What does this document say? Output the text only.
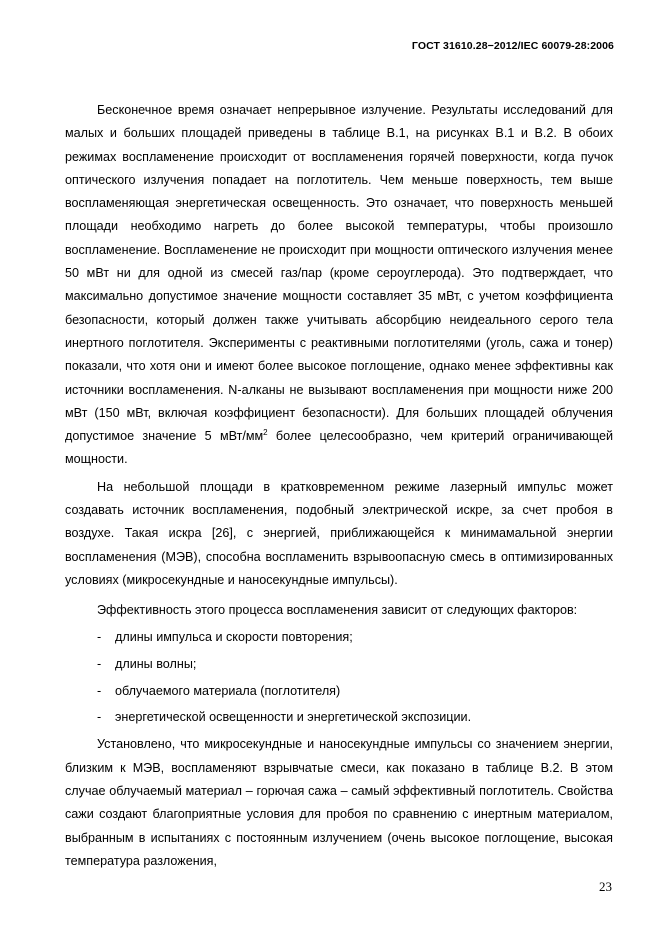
ГОСТ 31610.28−2012/IEC 60079-28:2006

Бесконечное время означает непрерывное излучение. Результаты исследований для малых и больших площадей приведены в таблице В.1, на рисунках В.1 и В.2. В обоих режимах воспламенение происходит от воспламенения горячей поверхности, когда пучок оптического излучения попадает на поглотитель. Чем меньше поверхность, тем выше воспламеняющая энергетическая освещенность. Это означает, что поверхность меньшей площади необходимо нагреть до более высокой температуры, чтобы произошло воспламенение. Воспламенение не происходит при мощности оптического излучения менее 50 мВт ни для одной из смесей газ/пар (кроме сероуглерода). Это подтверждает, что максимально допустимое значение мощности составляет 35 мВт, с учетом коэффициента безопасности, который должен также учитывать абсорбцию неидеального серого тела инертного поглотителя. Эксперименты с реактивными поглотителями (уголь, сажа и тонер) показали, что хотя они и имеют более высокое поглощение, однако менее эффективны как источники воспламенения. N-алканы не вызывают воспламенения при мощности ниже 200 мВт (150 мВт, включая коэффициент безопасности). Для больших площадей облучения допустимое значение 5 мВт/$мм^2$ более целесообразно, чем критерий ограничивающей мощности.

На небольшой площади в кратковременном режиме лазерный импульс может создавать источник воспламенения, подобный электрической искре, за счет пробоя в воздухе. Такая искра [26], с энергией, приближающейся к минимамальной энергии воспламенения (МЭВ), способна воспламенить взрывоопасную смесь в оптимизированных условиях (микросекундные и наносекундные импульсы).

Эффективность этого процесса воспламенения зависит от следующих факторов:

- длины импульса и скорости повторения;
- длины волны;
- облучаемого материала (поглотителя)
- энергетической освещенности и энергетической экспозиции.

Установлено, что микросекундные и наносекундные импульсы со значением энергии, близким к МЭВ, воспламеняют взрывчатые смеси, как показано в таблице В.2. В этом случае облучаемый материал – горючая сажа – самый эффективный поглотитель. Свойства сажи создают благоприятные условия для пробоя по сравнению с инертным материалом, выбранным в испытаниях с постоянным излучением (очень высокое поглощение, высокая температура разложения,

23
